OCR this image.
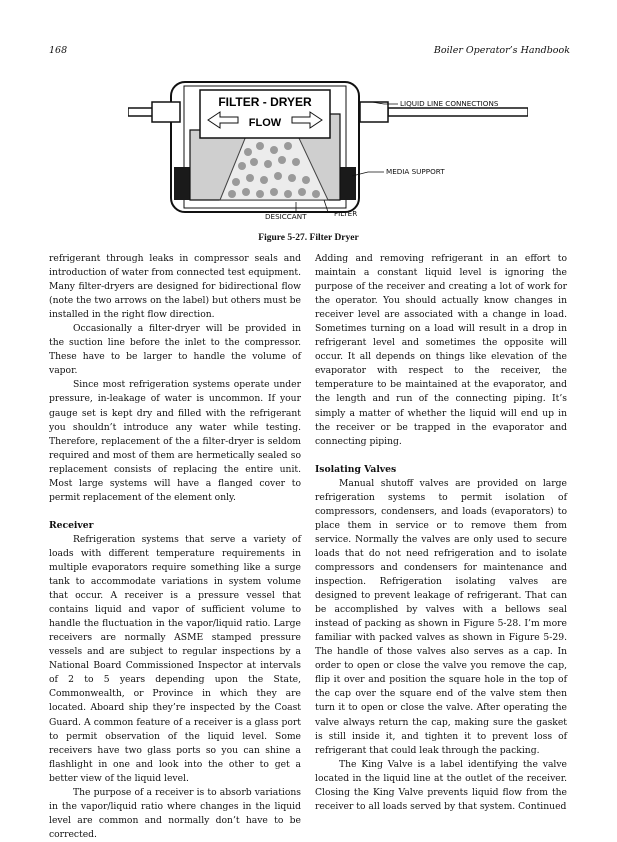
168	Boiler Operator’s Handbook
FILTER - DRYER
FLOW
LIQUID LINE CONNECTIONS
MEDIA SUPPORT
DESICCANT	FILTER
Figure 5-27. Filter Dryer

refrigerant through leaks in compressor seals and introduction of water from connected test equipment. Many filter-dryers are designed for bidirectional flow (note the two arrows on the label) but others must be installed in the right flow direction.

Occasionally a filter-dryer will be provided in the suction line before the inlet to the compressor. These have to be larger to handle the volume of vapor.

Since most refrigeration systems operate under pressure, in-leakage of water is uncommon. If your gauge set is kept dry and filled with the refrigerant you shouldn’t introduce any water while testing. Therefore, replacement of the a filter-dryer is seldom required and most of them are hermetically sealed so replacement consists of replacing the entire unit. Most large systems will have a flanged cover to permit replacement of the element only.

Receiver

Refrigeration systems that serve a variety of loads with different temperature requirements in multiple evaporators require something like a surge tank to accommodate variations in system volume that occur. A receiver is a pressure vessel that contains liquid and vapor of sufficient volume to handle the fluctuation in the vapor/liquid ratio. Large receivers are normally ASME stamped pressure vessels and are subject to regular inspections by a National Board Commissioned Inspector at intervals of 2 to 5 years depending upon the State, Commonwealth, or Province in which they are located. Aboard ship they’re inspected by the Coast Guard. A common feature of a receiver is a glass port to permit observation of the liquid level. Some receivers have two glass ports so you can shine a flashlight in one and look into the other to get a better view of the liquid level.

The purpose of a receiver is to absorb variations in the vapor/liquid ratio where changes in the liquid level are common and normally don’t have to be corrected.

Adding and removing refrigerant in an effort to maintain a constant liquid level is ignoring the purpose of the receiver and creating a lot of work for the operator. You should actually know changes in receiver level are associated with a change in load. Sometimes turning on a load will result in a drop in refrigerant level and sometimes the opposite will occur. It all depends on things like elevation of the evaporator with respect to the receiver, the temperature to be maintained at the evaporator, and the length and run of the connecting piping. It’s simply a matter of whether the liquid will end up in the receiver or be trapped in the evaporator and connecting piping.

Isolating Valves

Manual shutoff valves are provided on large refrigeration systems to permit isolation of compressors, condensers, and loads (evaporators) to place them in service or to remove them from service. Normally the valves are only used to secure loads that do not need refrigeration and to isolate compressors and condensers for maintenance and inspection. Refrigeration isolating valves are designed to prevent leakage of refrigerant. That can be accomplished by valves with a bellows seal instead of packing as shown in Figure 5-28. I’m more familiar with packed valves as shown in Figure 5-29. The handle of those valves also serves as a cap. In order to open or close the valve you remove the cap, flip it over and position the square hole in the top of the cap over the square end of the valve stem then turn it to open or close the valve. After operating the valve always return the cap, making sure the gasket is still inside it, and tighten it to prevent loss of refrigerant that could leak through the packing.

The King Valve is a label identifying the valve located in the liquid line at the outlet of the receiver. Closing the King Valve prevents liquid flow from the receiver to all loads served by that system. Continued
